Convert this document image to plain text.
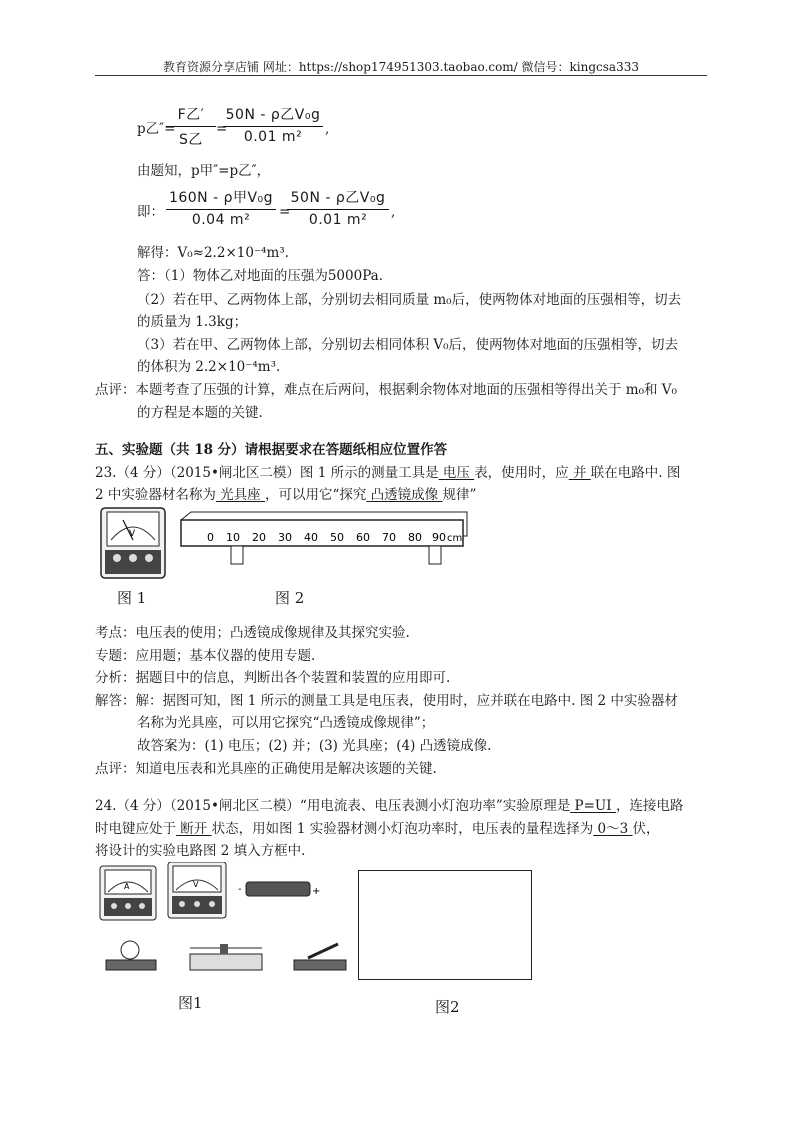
教育资源分享店铺 网址：https://shop174951303.taobao.com/ 微信号：kingcsa333
p乙″=
F乙′
S乙
=
50N - ρ乙V₀g
0.01 m²	,
由题知，p甲″=p乙″，
即：
160N - ρ甲V₀g
0.04 m²	=
50N - ρ乙V₀g
0.01 m²	,
解得：V₀≈2.2×10⁻⁴m³.
答：（1）物体乙对地面的压强为5000Pa.
（2）若在甲、乙两物体上部，分别切去相同质量 m₀后，使两物体对地面的压强相等，切去
的质量为 1.3kg；
（3）若在甲、乙两物体上部，分别切去相同体积 V₀后，使两物体对地面的压强相等，切去
的体积为 2.2×10⁻⁴m³.
点评：本题考查了压强的计算，难点在后两问，根据剩余物体对地面的压强相等得出关于 m₀和 V₀
的方程是本题的关键.
五、实验题（共 18 分）请根据要求在答题纸相应位置作答
23.（4 分）（2015•闸北区二模）图 1 所示的测量工具是 电压 表，使用时，应 并 联在电路中. 图
2 中实验器材名称为 光具座 ，可以用它“探究 凸透镜成像 规律”
V	0 10 20 30 40 50 60 70 80 90 cm
图 1	图 2
考点：电压表的使用；凸透镜成像规律及其探究实验.
专题：应用题；基本仪器的使用专题.
分析：据题目中的信息，判断出各个装置和装置的应用即可.
解答：解：据图可知，图 1 所示的测量工具是电压表，使用时，应并联在电路中. 图 2 中实验器材
名称为光具座，可以用它探究“凸透镜成像规律”；
故答案为：(1) 电压；(2) 并；(3) 光具座；(4) 凸透镜成像.
点评：知道电压表和光具座的正确使用是解决该题的关键.
24.（4 分）（2015•闸北区二模）“用电流表、电压表测小灯泡功率”实验原理是 P=UI ，连接电路
时电键应处于 断开 状态，用如图 1 实验器材测小灯泡功率时，电压表的量程选择为 0～3 伏，
将设计的实验电路图 2 填入方框中.
A	V	-	+
图1	图2
